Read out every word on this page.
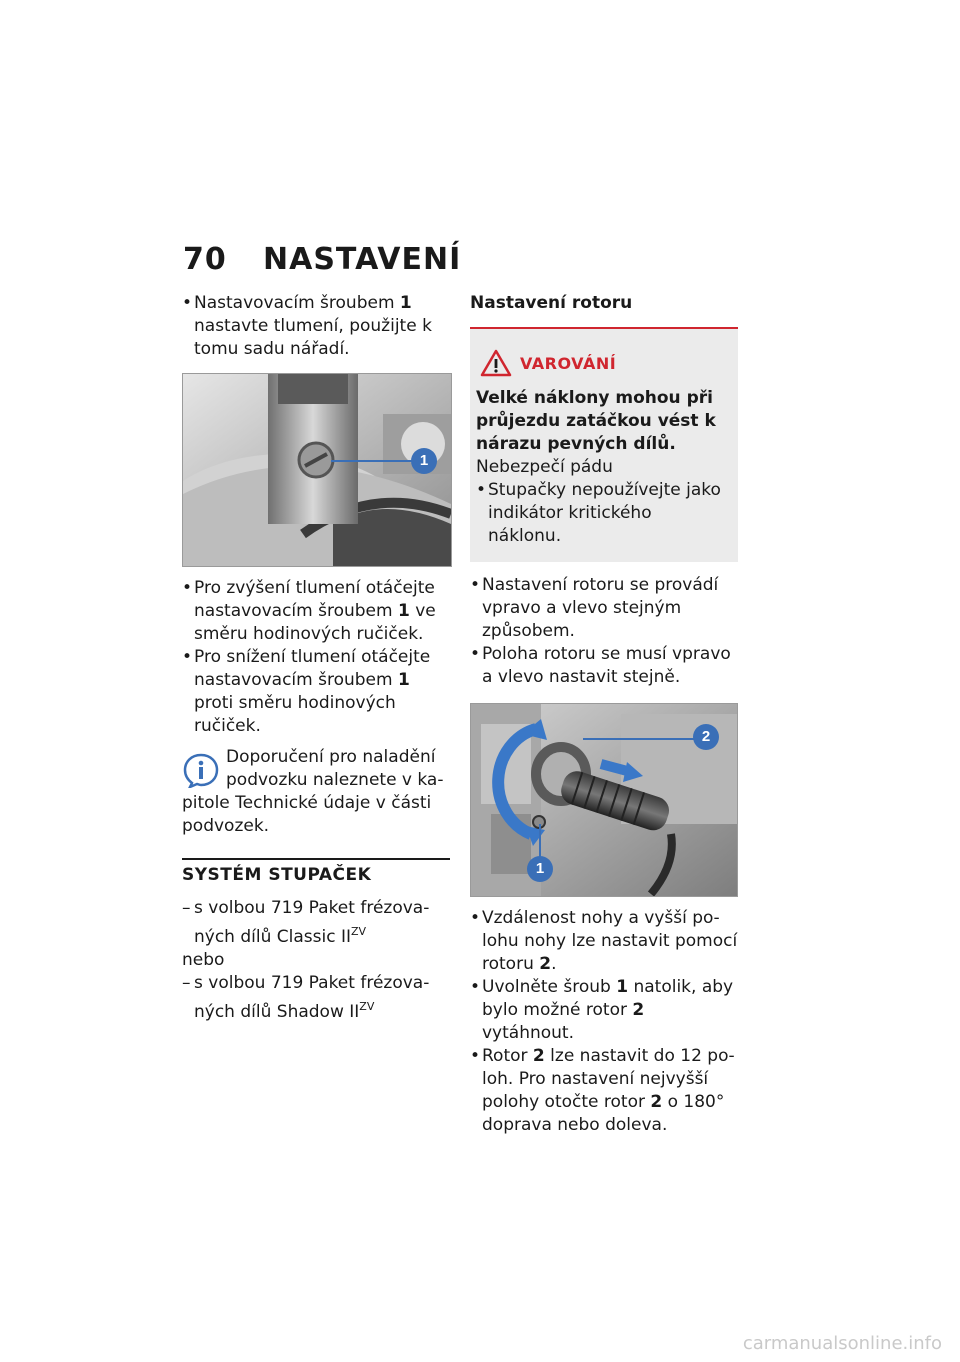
70 NASTAVENÍ
• Nastavovacím šroubem 1 nastavte tlumení, použijte k tomu sadu nářadí.
1
• Pro zvýšení tlumení otáčejte nastavovacím šroubem 1 ve směru hodinových ručiček.
• Pro snížení tlumení otáčejte nastavovacím šroubem 1 proti směru hodinových ručiček.
Doporučení pro naladění
podvozku naleznete v ka-
pitole Technické údaje v části podvozek.
SYSTÉM STUPAČEK
– s volbou 719 Paket frézovaných dílů Classic $II^{ZV}$
nebo
– s volbou 719 Paket frézovaných dílů Shadow $II^{ZV}$
Nastavení rotoru
VAROVÁNÍ
Velké náklony mohou při průjezdu zatáčkou vést k nárazu pevných dílů.
Nebezpečí pádu
• Stupačky nepoužívejte jako indikátor kritického náklonu.
• Nastavení rotoru se provádí vpravo a vlevo stejným způsobem.
• Poloha rotoru se musí vpravo a vlevo nastavit stejně.
2
1
• Vzdálenost nohy a vyšší polohu nohy lze nastavit pomocí rotoru 2.
• Uvolněte šroub 1 natolik, aby bylo možné rotor 2 vytáhnout.
• Rotor 2 lze nastavit do 12 poloh. Pro nastavení nejvyšší polohy otočte rotor 2 o 180° doprava nebo doleva.
carmanualsonline.info
